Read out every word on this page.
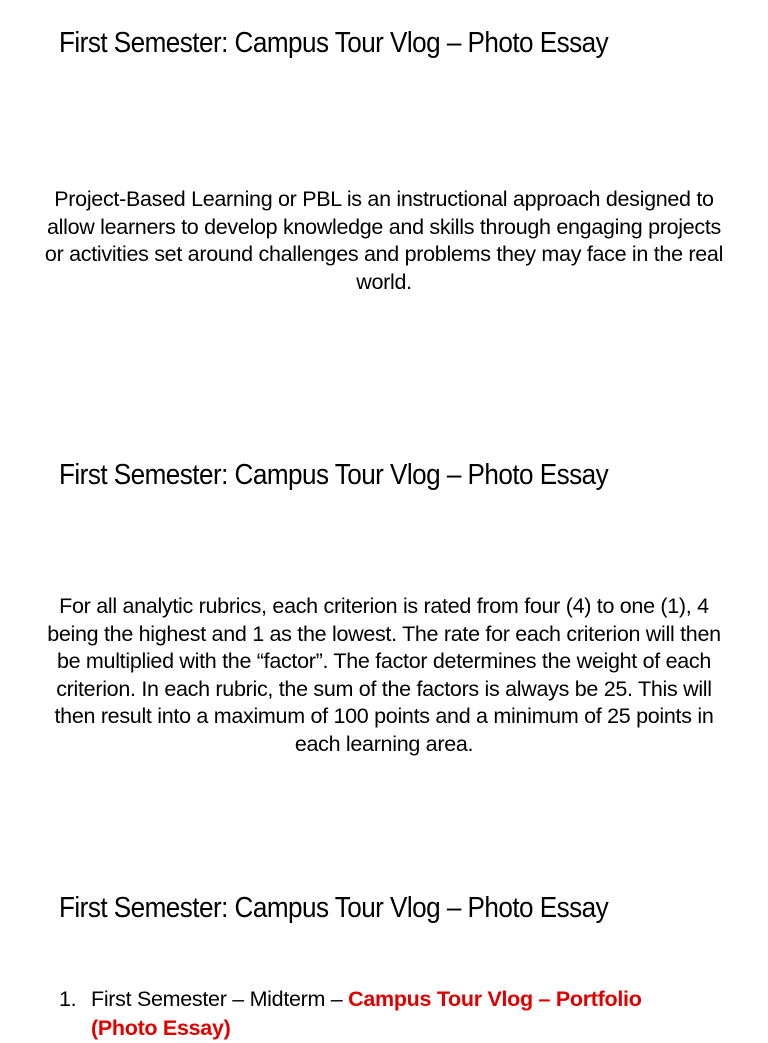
First Semester: Campus Tour Vlog – Photo Essay

Project-Based Learning or PBL is an instructional approach designed to allow learners to develop knowledge and skills through engaging projects or activities set around challenges and problems they may face in the real world.

First Semester: Campus Tour Vlog – Photo Essay

For all analytic rubrics, each criterion is rated from four (4) to one (1), 4 being the highest and 1 as the lowest. The rate for each criterion will then be multiplied with the “factor”. The factor determines the weight of each criterion. In each rubric, the sum of the factors is always be 25. This will then result into a maximum of 100 points and a minimum of 25 points in each learning area.

First Semester: Campus Tour Vlog – Photo Essay
1. First Semester – Midterm – Campus Tour Vlog – Portfolio (Photo Essay)
